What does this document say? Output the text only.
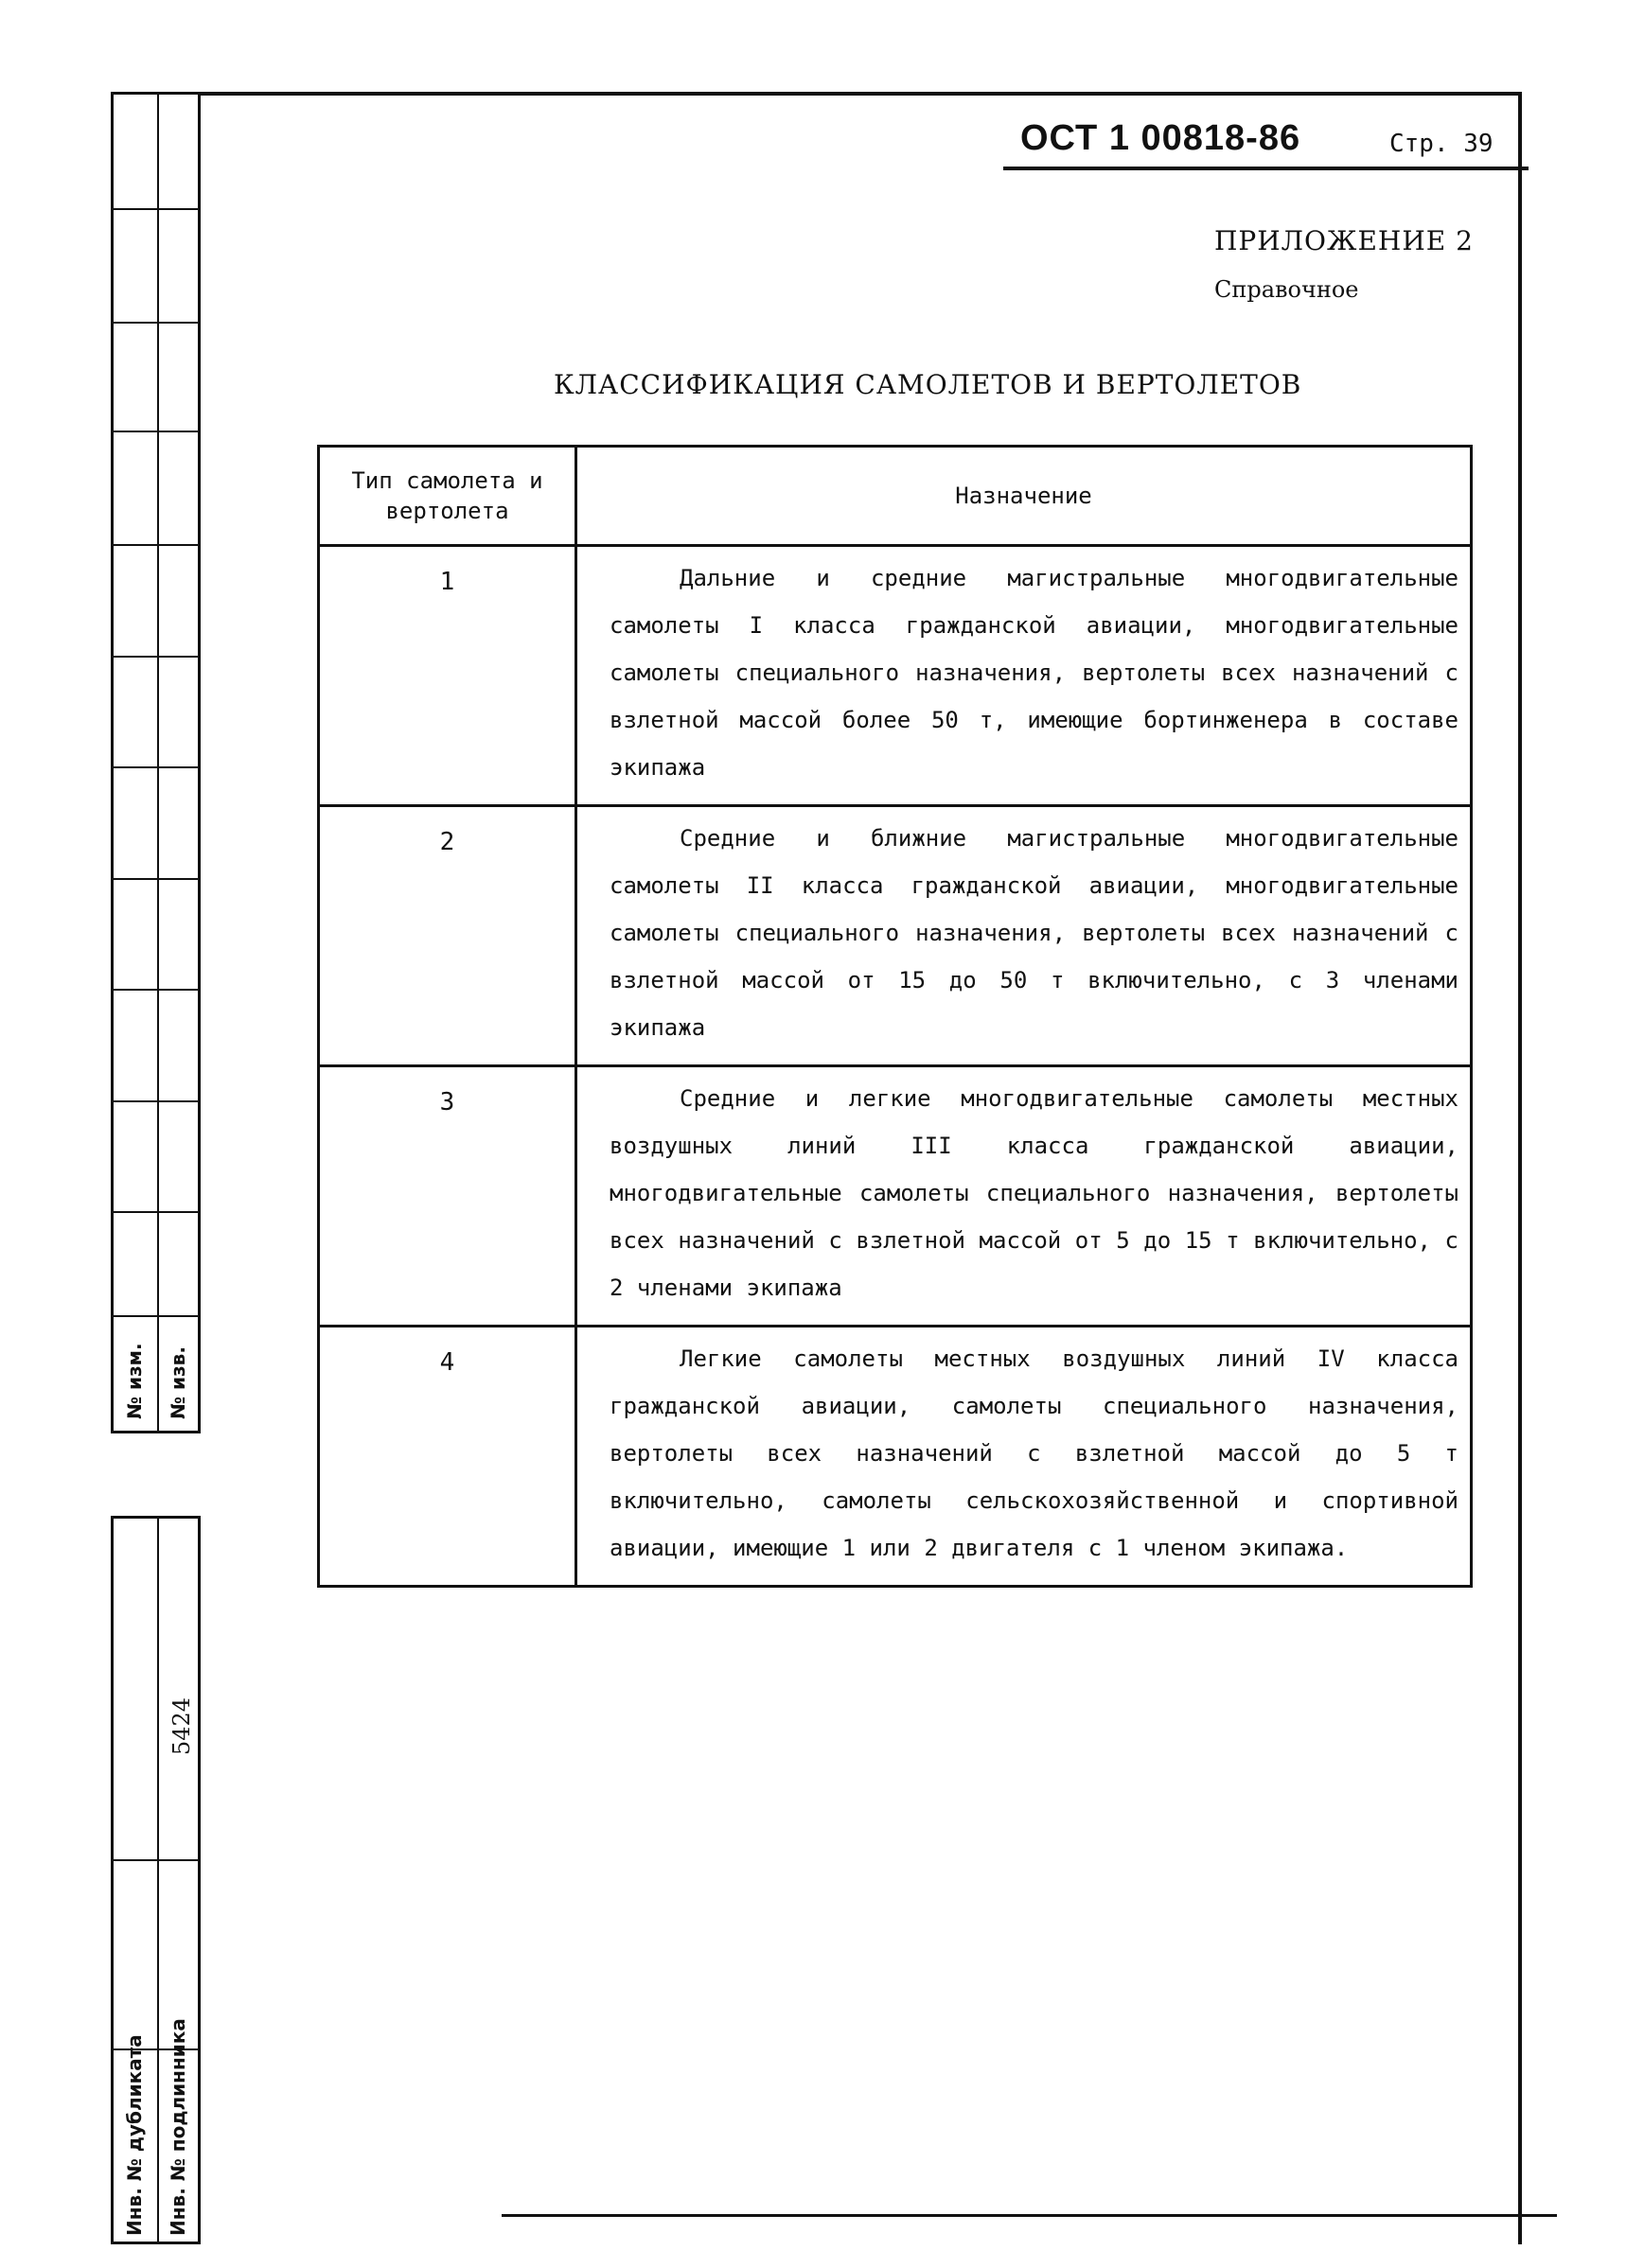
№ изм. № изв.
5424
Инв. № дубликата Инв. № подлинника
ОСТ 1 00818-86	Стр. 39
ПРИЛОЖЕНИЕ 2
Справочное
КЛАССИФИКАЦИЯ САМОЛЕТОВ И ВЕРТОЛЕТОВ
Тип самолета и вертолета	Назначение
1	Дальние и средние магистральные многодвигательные самолеты I класса гражданской авиации, многодвигательные самолеты специального назначения, вертолеты всех назначений с взлетной массой более 50 т, имеющие бортинженера в составе экипажа

2	Средние и ближние магистральные многодвигательные самолеты II класса гражданской авиации, многодвигательные самолеты специального назначения, вертолеты всех назначений с взлетной массой от 15 до 50 т включительно, с 3 членами экипажа

3	Средние и легкие многодвигательные самолеты местных воздушных линий III класса гражданской авиации, многодвигательные самолеты специального назначения, вертолеты всех назначений с взлетной массой от 5 до 15 т включительно, с 2 членами экипажа

4	Легкие самолеты местных воздушных линий IV класса гражданской авиации, самолеты специального назначения, вертолеты всех назначений с взлетной массой до 5 т включительно, самолеты сельскохозяйственной и спортивной авиации, имеющие 1 или 2 двигателя с 1 членом экипажа.
